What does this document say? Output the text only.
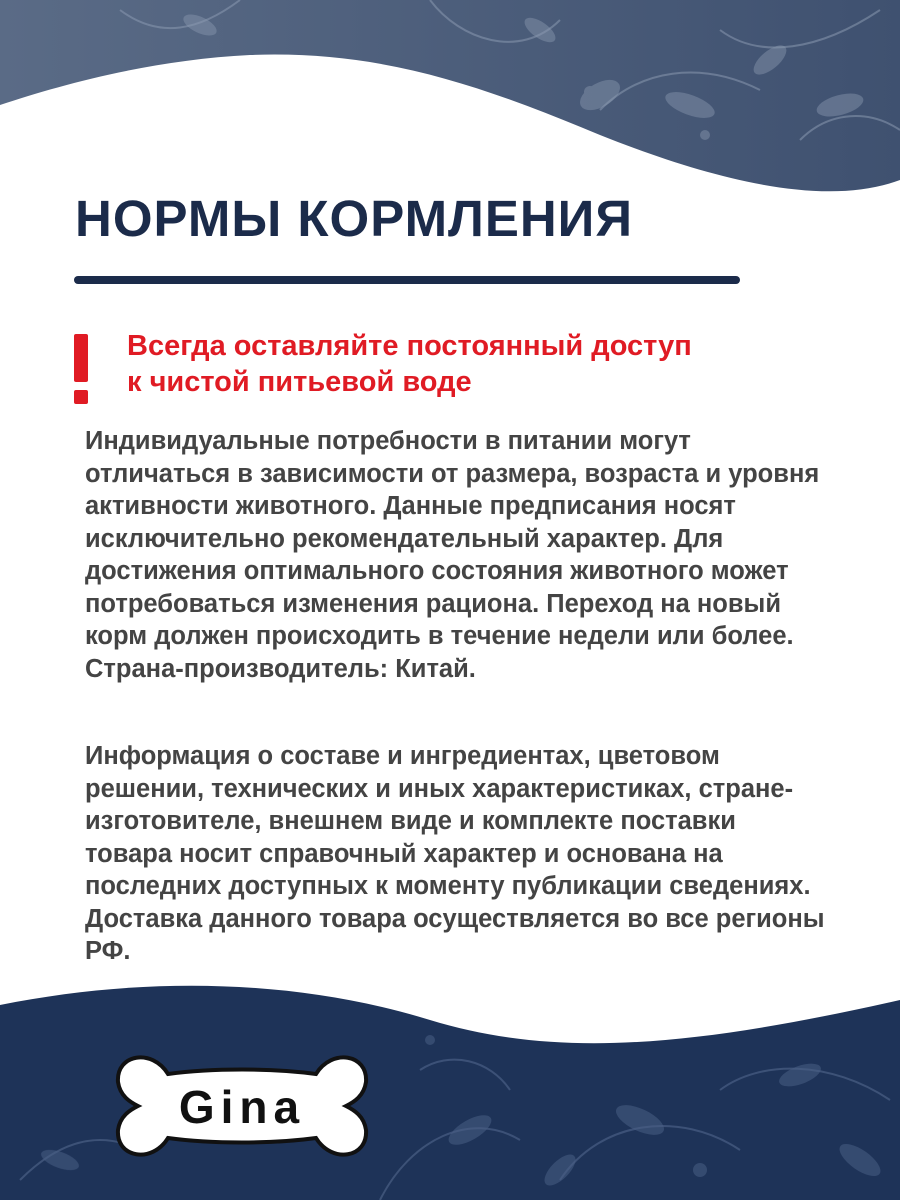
НОРМЫ КОРМЛЕНИЯ

Всегда оставляйте постоянный доступ
к чистой питьевой воде

Индивидуальные потребности в питании могут отличаться в зависимости от размера, возраста и уровня активности животного. Данные предписания носят исключительно рекомендательный характер. Для достижения оптимального состояния животного может потребоваться изменения рациона. Переход на новый корм должен происходить в течение недели или более. Страна-производитель: Китай.

Информация о составе и ингредиентах, цветовом решении, технических и иных характеристиках, стране-изготовителе, внешнем виде и комплекте поставки товара носит справочный характер и основана на последних доступных к моменту публикации сведениях. Доставка данного товара осуществляется во все регионы РФ.

Gina
